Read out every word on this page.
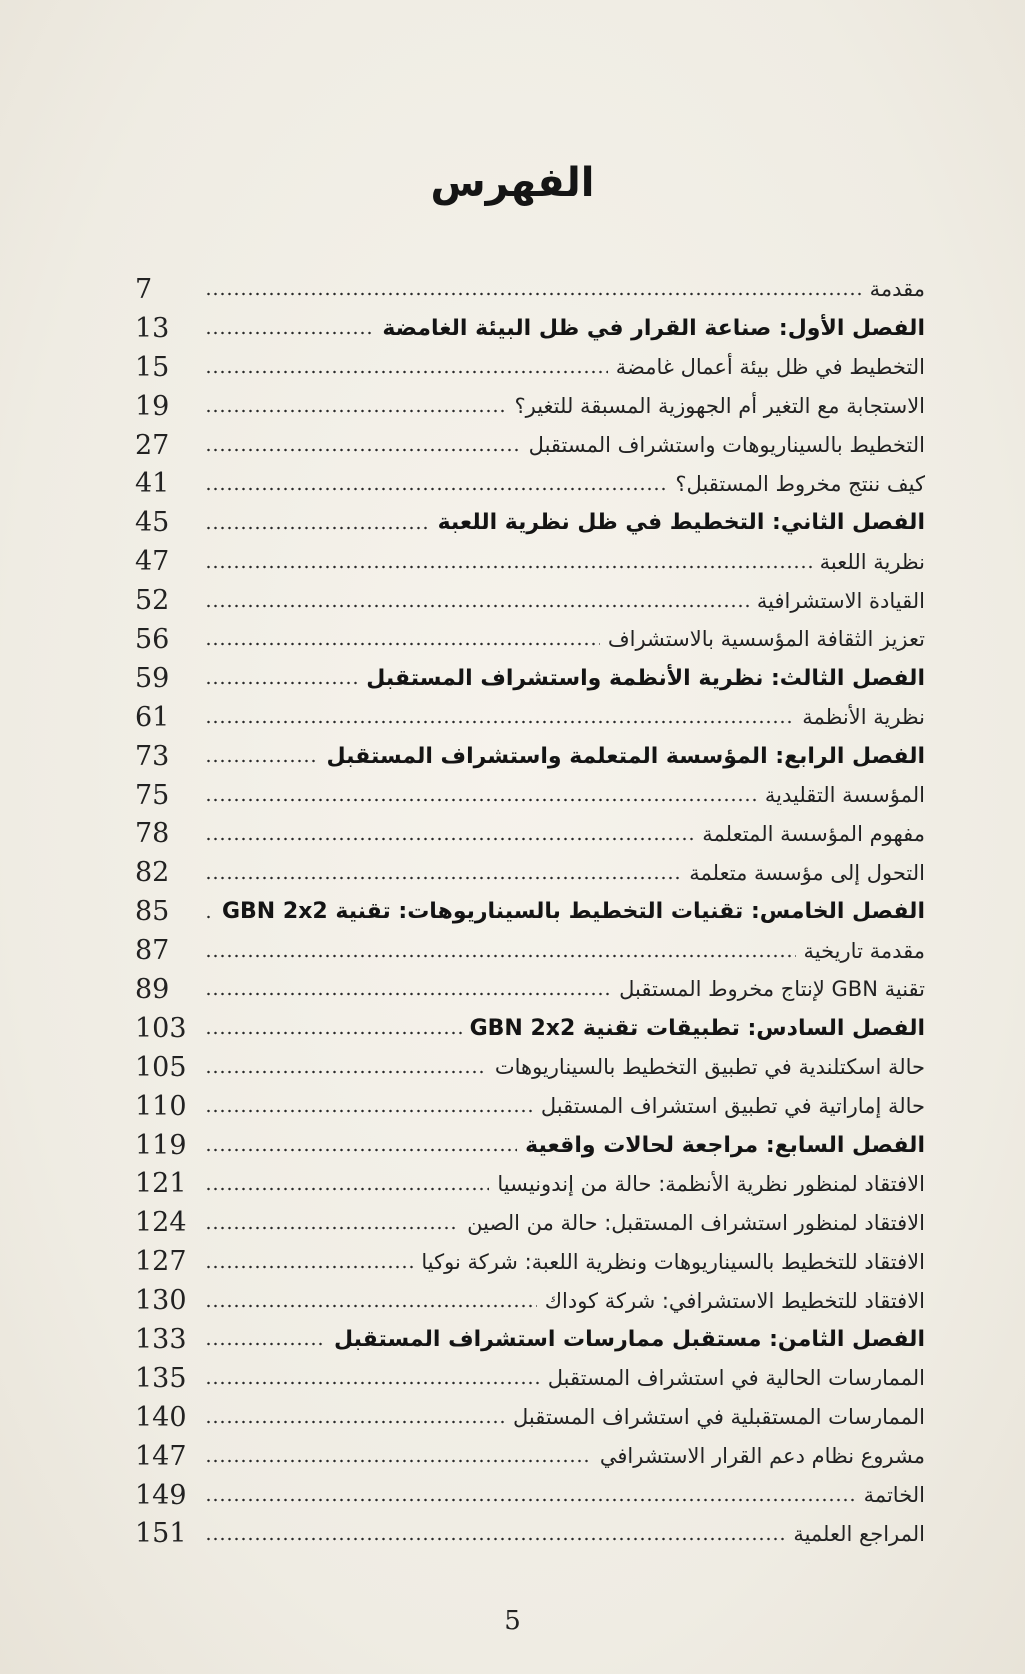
الفهرس
مقدمة
7
الفصل الأول: صناعة القرار في ظل البيئة الغامضة
13
التخطيط في ظل بيئة أعمال غامضة
15
الاستجابة مع التغير أم الجهوزية المسبقة للتغير؟
19
التخطيط بالسيناريوهات واستشراف المستقبل
27
كيف ننتج مخروط المستقبل؟
41
الفصل الثاني: التخطيط في ظل نظرية اللعبة
45
نظرية اللعبة
47
القيادة الاستشرافية
52
تعزيز الثقافة المؤسسية بالاستشراف
56
الفصل الثالث: نظرية الأنظمة واستشراف المستقبل
59
نظرية الأنظمة
61
الفصل الرابع: المؤسسة المتعلمة واستشراف المستقبل
73
المؤسسة التقليدية
75
مفهوم المؤسسة المتعلمة
78
التحول إلى مؤسسة متعلمة
82
الفصل الخامس: تقنيات التخطيط بالسيناريوهات: تقنية GBN 2x2
85
مقدمة تاريخية
87
تقنية GBN لإنتاج مخروط المستقبل
89
الفصل السادس: تطبيقات تقنية GBN 2x2
103
حالة اسكتلندية في تطبيق التخطيط بالسيناريوهات
105
حالة إماراتية في تطبيق استشراف المستقبل
110
الفصل السابع: مراجعة لحالات واقعية
119
الافتقاد لمنظور نظرية الأنظمة: حالة من إندونيسيا
121
الافتقاد لمنظور استشراف المستقبل: حالة من الصين
124
الافتقاد للتخطيط بالسيناريوهات ونظرية اللعبة: شركة نوكيا
127
الافتقاد للتخطيط الاستشرافي: شركة كوداك
130
الفصل الثامن: مستقبل ممارسات استشراف المستقبل
133
الممارسات الحالية في استشراف المستقبل
135
الممارسات المستقبلية في استشراف المستقبل
140
مشروع نظام دعم القرار الاستشرافي
147
الخاتمة
149
المراجع العلمية
151
5
